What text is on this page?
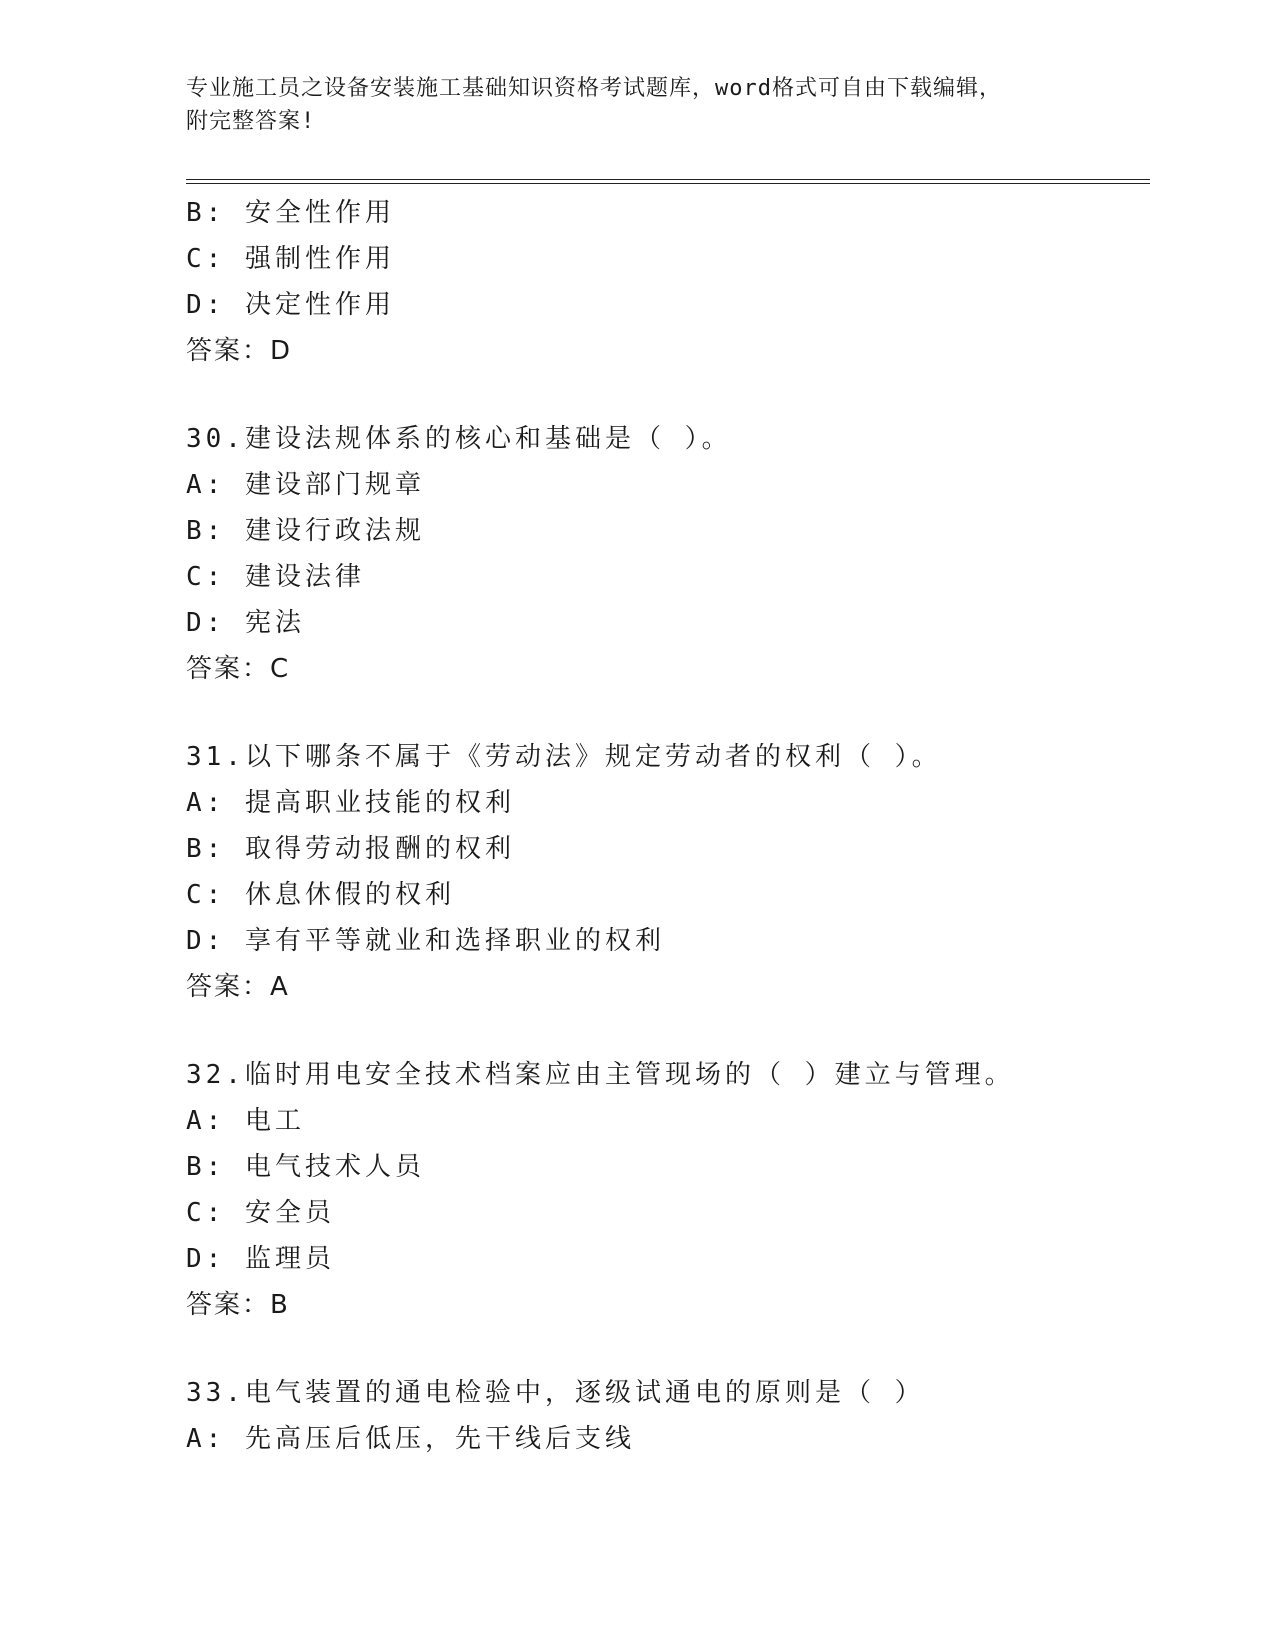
专业施工员之设备安装施工基础知识资格考试题库，word格式可自由下载编辑，
附完整答案!
B: 安全性作用
C: 强制性作用
D: 决定性作用
答案：D
30.建设法规体系的核心和基础是（ ）。
A: 建设部门规章
B: 建设行政法规
C: 建设法律
D: 宪法
答案：C
31.以下哪条不属于《劳动法》规定劳动者的权利（ ）。
A: 提高职业技能的权利
B: 取得劳动报酬的权利
C: 休息休假的权利
D: 享有平等就业和选择职业的权利
答案：A
32.临时用电安全技术档案应由主管现场的（ ）建立与管理。
A: 电工
B: 电气技术人员
C: 安全员
D: 监理员
答案：B
33.电气装置的通电检验中，逐级试通电的原则是（ ）
A: 先高压后低压，先干线后支线
